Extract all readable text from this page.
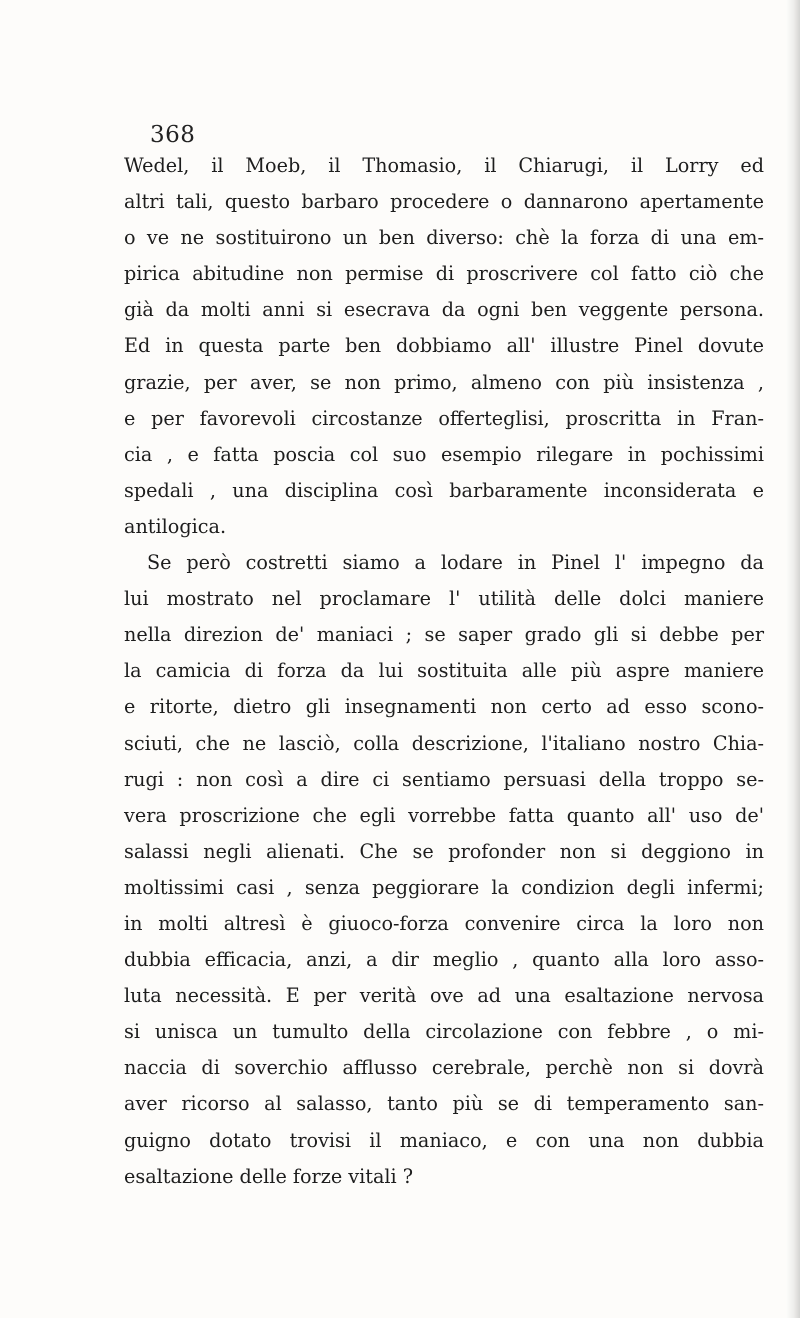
368
Wedel, il Moeb, il Thomasio, il Chiarugi, il Lorry ed
altri tali, questo barbaro procedere o dannarono apertamente
o ve ne sostituirono un ben diverso: chè la forza di una em-
pirica abitudine non permise di proscrivere col fatto ciò che
già da molti anni si esecrava da ogni ben veggente persona.
Ed in questa parte ben dobbiamo all' illustre Pinel dovute
grazie, per aver, se non primo, almeno con più insistenza ,
e per favorevoli circostanze offerteglisi, proscritta in Fran-
cia , e fatta poscia col suo esempio rilegare in pochissimi
spedali , una disciplina così barbaramente inconsiderata e
antilogica.
Se però costretti siamo a lodare in Pinel l' impegno da
lui mostrato nel proclamare l' utilità delle dolci maniere
nella direzion de' maniaci ; se saper grado gli si debbe per
la camicia di forza da lui sostituita alle più aspre maniere
e ritorte, dietro gli insegnamenti non certo ad esso scono-
sciuti, che ne lasciò, colla descrizione, l'italiano nostro Chia-
rugi : non così a dire ci sentiamo persuasi della troppo se-
vera proscrizione che egli vorrebbe fatta quanto all' uso de'
salassi negli alienati. Che se profonder non si deggiono in
moltissimi casi , senza peggiorare la condizion degli infermi;
in molti altresì è giuoco-forza convenire circa la loro non
dubbia efficacia, anzi, a dir meglio , quanto alla loro asso-
luta necessità. E per verità ove ad una esaltazione nervosa
si unisca un tumulto della circolazione con febbre , o mi-
naccia di soverchio afflusso cerebrale, perchè non si dovrà
aver ricorso al salasso, tanto più se di temperamento san-
guigno dotato trovisi il maniaco, e con una non dubbia
esaltazione delle forze vitali ?
